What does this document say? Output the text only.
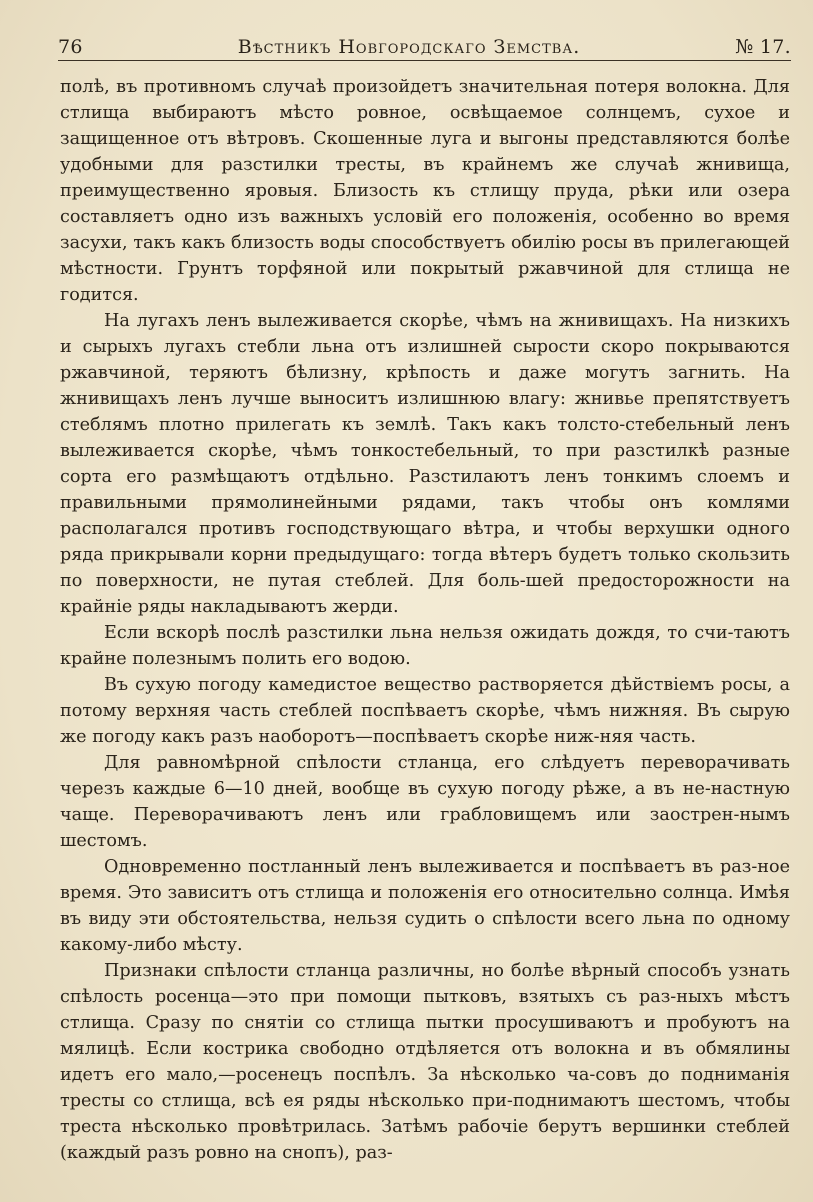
76	Вѣстникъ Новгородскаго Земства.	№ 17.

полѣ, въ противномъ случаѣ произойдетъ значительная потеря волокна. Для стлища выбираютъ мѣсто ровное, освѣщаемое солнцемъ, сухое и защищенное отъ вѣтровъ. Скошенные луга и выгоны представляются болѣе удобными для разстилки тресты, въ крайнемъ же случаѣ жнивища, преимущественно яровыя. Близость къ стлищу пруда, рѣки или озера составляетъ одно изъ важныхъ условій его положенія, особенно во время засухи, такъ какъ близость воды способствуетъ обилію росы въ прилегающей мѣстности. Грунтъ торфяной или покрытый ржавчиной для стлища не годится.

На лугахъ ленъ вылеживается скорѣе, чѣмъ на жнивищахъ. На низкихъ и сырыхъ лугахъ стебли льна отъ излишней сырости скоро покрываются ржавчиной, теряютъ бѣлизну, крѣпость и даже могутъ загнить. На жнивищахъ ленъ лучше выноситъ излишнюю влагу: жнивье препятствуетъ стеблямъ плотно прилегать къ землѣ. Такъ какъ толсто-стебельный ленъ вылеживается скорѣе, чѣмъ тонкостебельный, то при разстилкѣ разные сорта его размѣщаютъ отдѣльно. Разстилаютъ ленъ тонкимъ слоемъ и правильными прямолинейными рядами, такъ чтобы онъ комлями располагался противъ господствующаго вѣтра, и чтобы верхушки одного ряда прикрывали корни предыдущаго: тогда вѣтеръ будетъ только скользить по поверхности, не путая стеблей. Для боль-шей предосторожности на крайніе ряды накладываютъ жерди.

Если вскорѣ послѣ разстилки льна нельзя ожидать дождя, то счи-таютъ крайне полезнымъ полить его водою.

Въ сухую погоду камедистое вещество растворяется дѣйствіемъ росы, а потому верхняя часть стеблей поспѣваетъ скорѣе, чѣмъ нижняя. Въ сырую же погоду какъ разъ наоборотъ—поспѣваетъ скорѣе ниж-няя часть.

Для равномѣрной спѣлости стланца, его слѣдуетъ переворачивать черезъ каждые 6—10 дней, вообще въ сухую погоду рѣже, а въ не-настную чаще. Переворачиваютъ ленъ или грабловищемъ или заострен-нымъ шестомъ.

Одновременно постланный ленъ вылеживается и поспѣваетъ въ раз-ное время. Это зависитъ отъ стлища и положенія его относительно солнца. Имѣя въ виду эти обстоятельства, нельзя судить о спѣлости всего льна по одному какому-либо мѣсту.

Признаки спѣлости стланца различны, но болѣе вѣрный способъ узнать спѣлость росенца—это при помощи пытковъ, взятыхъ съ раз-ныхъ мѣстъ стлища. Сразу по снятіи со стлища пытки просушиваютъ и пробуютъ на мялицѣ. Если кострика свободно отдѣляется отъ волокна и въ обмялины идетъ его мало,—росенецъ поспѣлъ. За нѣсколько ча-совъ до подниманія тресты со стлища, всѣ ея ряды нѣсколько при-поднимаютъ шестомъ, чтобы треста нѣсколько провѣтрилась. Затѣмъ рабочіе берутъ вершинки стеблей (каждый разъ ровно на снопъ), раз-
